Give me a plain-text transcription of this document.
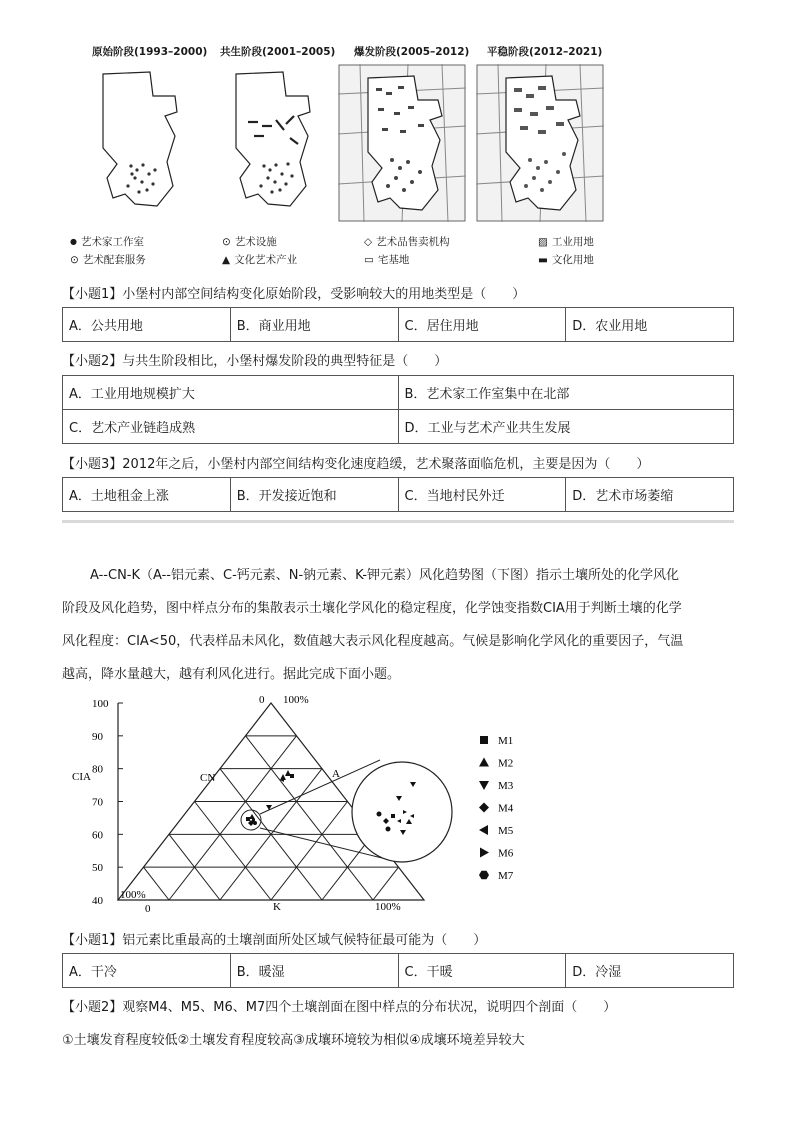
原始阶段(1993–2000) 共生阶段(2001–2005) 爆发阶段(2005–2012) 平稳阶段(2012–2021)
● 艺术家工作室	⊙ 艺术设施	◇ 艺术品售卖机构	▨ 工业用地
⊙ 艺术配套服务	▲ 文化艺术产业	▭ 宅基地	▬ 文化用地
【小题1】小堡村内部空间结构变化原始阶段，受影响较大的用地类型是（　　）
A．公共用地	B．商业用地	C．居住用地	D．农业用地
【小题2】与共生阶段相比，小堡村爆发阶段的典型特征是（　　）
A．工业用地规模扩大	B．艺术家工作室集中在北部
C．艺术产业链趋成熟	D．工业与艺术产业共生发展
【小题3】2012年之后，小堡村内部空间结构变化速度趋缓，艺术聚落面临危机，主要是因为（　　）
A．土地租金上涨	B．开发接近饱和	C．当地村民外迁	D．艺术市场萎缩
A--CN-K（A--铝元素、C-钙元素、N-钠元素、K-钾元素）风化趋势图（下图）指示土壤所处的化学风化
阶段及风化趋势，图中样点分布的集散表示土壤化学风化的稳定程度，化学蚀变指数CIA用于判断土壤的化学
风化程度：CIA<50，代表样品未风化，数值越大表示风化程度越高。气候是影响化学风化的重要因子，气温
越高，降水量越大，越有利风化进行。据此完成下面小题。
100
90
80
70
60
50
40
CIA
0 100%
CN	A
100%
0	K	100%
M1
M2
M3
M4
M5
M6
M7
【小题1】铝元素比重最高的土壤剖面所处区域气候特征最可能为（　　）
A．干冷	B．暖湿	C．干暖	D．冷湿
【小题2】观察M4、M5、M6、M7四个土壤剖面在图中样点的分布状况，说明四个剖面（　　）
①土壤发育程度较低②土壤发育程度较高③成壤环境较为相似④成壤环境差异较大
